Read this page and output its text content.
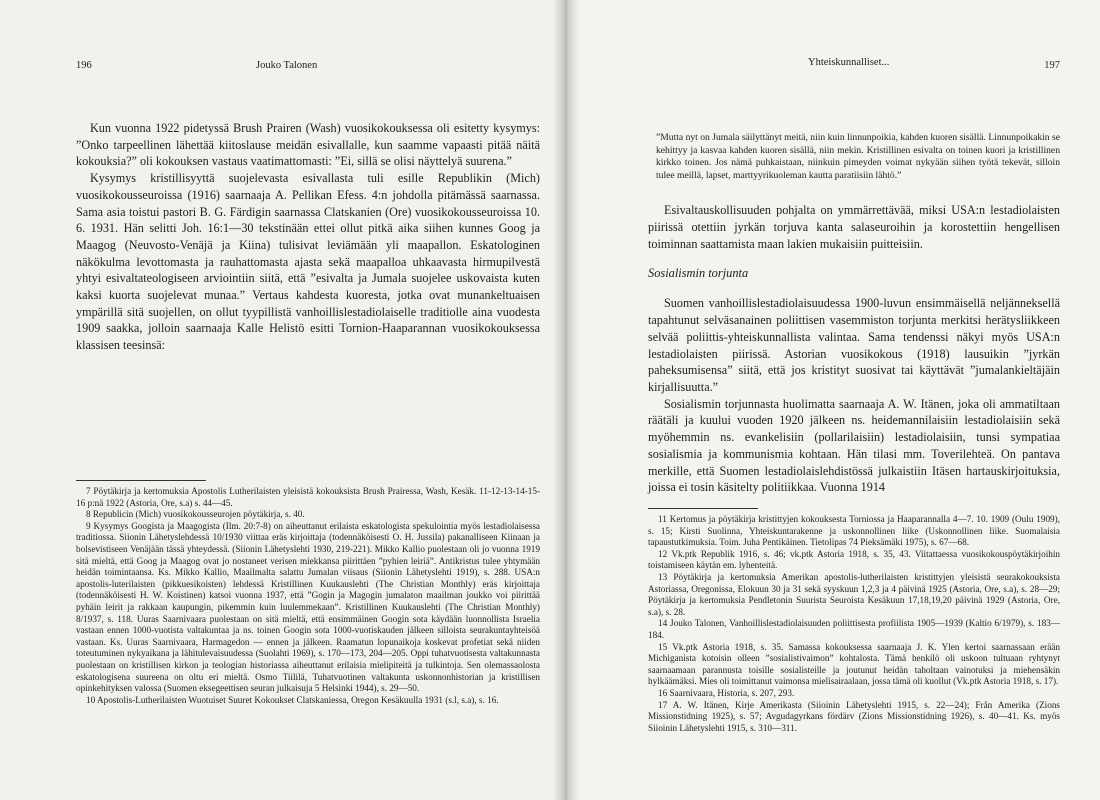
196	Jouko Talonen

Kun vuonna 1922 pidetyssä Brush Prairen (Wash) vuosikokouksessa oli esitetty kysymys: ”Onko tarpeellinen lähettää kiitoslause meidän esivallalle, kun saamme vapaasti pitää näitä kokouksia?” oli kokouksen vastaus vaatimattomasti: ”Ei, sillä se olisi näyttelyä suurena.”

Kysymys kristillisyyttä suojelevasta esivallasta tuli esille Republikin (Mich) vuosikokousseuroissa (1916) saarnaaja A. Pellikan Efess. 4:n johdolla pitämässä saarnassa. Sama asia toistui pastori B. G. Färdigin saarnassa Clatskanien (Ore) vuosikokousseuroissa 10. 6. 1931. Hän selitti Joh. 16:1—30 tekstinään ettei ollut pitkä aika siihen kunnes Goog ja Maagog (Neuvosto-Venäjä ja Kiina) tulisivat leviämään yli maapallon. Eskatologinen näkökulma levottomasta ja rauhattomasta ajasta sekä maapalloa uhkaavasta hirmupilvestä yhtyi esivaltateologiseen arviointiin siitä, että ”esivalta ja Jumala suojelee uskovaista kuten kaksi kuorta suojelevat munaa.” Vertaus kahdesta kuoresta, jotka ovat munankeltuaisen ympärillä sitä suojellen, on ollut tyypillistä vanhoillislestadiolaiselle traditiolle aina vuodesta 1909 saakka, jolloin saarnaaja Kalle Helistö esitti Tornion-Haaparannan vuosikokouksessa klassisen teesinsä:

7 Pöytäkirja ja kertomuksia Apostolis Lutherilaisten yleisistä kokouksista Brush Prairessa, Wash, Kesäk. 11-12-13-14-15-16 p:nä 1922 (Astoria, Ore, s.a) s. 44—45.

8 Republicin (Mich) vuosikokousseurojen pöytäkirja, s. 40.

9 Kysymys Googista ja Maagogista (Ilm. 20:7-8) on aiheuttanut erilaista eskatologista spekulointia myös lestadiolaisessa traditiossa. Siionin Lähetyslehdessä 10/1930 viittaa eräs kirjoittaja (todennäköisesti O. H. Jussila) pakanalliseen Kiinaan ja bolsevistiseen Venäjään tässä yhteydessä. (Siionin Lähetyslehti 1930, 219-221). Mikko Kallio puolestaan oli jo vuonna 1919 sitä mieltä, että Goog ja Maagog ovat jo nostaneet verisen miekkansa piirittäen ”pyhien leiriä”. Antikristus tulee yhtymään heidän toimintaansa. Ks. Mikko Kallio, Maailmalta salattu Jumalan viisaus (Siionin Lähetyslehti 1919), s. 288. USA:n apostolis-luterilaisten (pikkuesikoisten) lehdessä Kristillinen Kuukauslehti (The Christian Monthly) eräs kirjoittaja (todennäköisesti H. W. Koistinen) katsoi vuonna 1937, että ”Gogin ja Magogin jumalaton maailman joukko voi piirittää pyhäin leirit ja rakkaan kaupungin, pikemmin kuin luulemmekaan”. Kristillinen Kuukauslehti (The Christian Monthly) 8/1937, s. 118. Uuras Saarnivaara puolestaan on sitä mieltä, että ensimmäinen Googin sota käydään luonnollista Israelia vastaan ennen 1000-vuotista valtakuntaa ja ns. toinen Googin sota 1000-vuotiskauden jälkeen silloista seurakuntayhteisöä vastaan. Ks. Uuras Saarnivaara, Harmagedon — ennen ja jälkeen. Raamatun lopunaikoja koskevat profetiat sekä niiden toteutuminen nykyaikana ja lähitulevaisuudessa (Suolahti 1969), s. 170—173, 204—205. Oppi tuhatvuotisesta valtakunnasta puolestaan on kristillisen kirkon ja teologian historiassa aiheuttanut erilaisia mielipiteitä ja tulkintoja. Sen olemassaolosta eskatologisena suureena on oltu eri mieltä. Osmo Tiililä, Tuhatvuotinen valtakunta uskonnonhistorian ja kristillisen opinkehityksen valossa (Suomen eksegeettisen seuran julkaisuja 5 Helsinki 1944), s. 29—50.

10 Apostolis-Lutherilaisten Wuotuiset Suuret Kokoukset Clatskaniessa, Oregon Kesäkuulla 1931 (s.l, s.a), s. 16.

Yhteiskunnalliset...	197

”Mutta nyt on Jumala säilyttänyt meitä, niin kuin linnunpoikia, kahden kuoren sisällä. Linnunpoikakin se kehittyy ja kasvaa kahden kuoren sisällä, niin mekin. Kristillinen esivalta on toinen kuori ja kristillinen kirkko toinen. Jos nämä puhkaistaan, niinkuin pimeyden voimat nykyään siihen työtä tekevät, silloin tulee meillä, lapset, marttyyrikuoleman kautta paratiisiin lähtö.”

Esivaltauskollisuuden pohjalta on ymmärrettävää, miksi USA:n lestadiolaisten piirissä otettiin jyrkän torjuva kanta salaseuroihin ja korostettiin hengellisen toiminnan saattamista maan lakien mukaisiin puitteisiin.

Sosialismin torjunta

Suomen vanhoillislestadiolaisuudessa 1900-luvun ensimmäisellä neljänneksellä tapahtunut selväsanainen poliittisen vasemmiston torjunta merkitsi herätysliikkeen selvää poliittis-yhteiskunnallista valintaa. Sama tendenssi näkyi myös USA:n lestadiolaisten piirissä. Astorian vuosikokous (1918) lausuikin ”jyrkän paheksumisensa” siitä, että jos kristityt suosivat tai käyttävät ”jumalankieltäjäin kirjallisuutta.”

Sosialismin torjunnasta huolimatta saarnaaja A. W. Itänen, joka oli ammatiltaan räätäli ja kuului vuoden 1920 jälkeen ns. heidemannilaisiin lestadiolaisiin sekä myöhemmin ns. evankelisiin (pollarilaisiin) lestadiolaisiin, tunsi sympatiaa sosialismia ja kommunismia kohtaan. Hän tilasi mm. Toverilehteä. On pantava merkille, että Suomen lestadiolaislehdistössä julkaistiin Itäsen hartauskirjoituksia, joissa ei tosin käsitelty politiikkaa. Vuonna 1914

11 Kertomus ja pöytäkirja kristittyjen kokouksesta Torniossa ja Haaparannalla 4—7. 10. 1909 (Oulu 1909), s. 15; Kirsti Suolinna, Yhteiskuntarakenne ja uskonnollinen liike (Uskonnollinen liike. Suomalaisia tapaustutkimuksia. Toim. Juha Pentikäinen. Tietolipas 74 Pieksämäki 1975), s. 67—68.

12 Vk.ptk Republik 1916, s. 46; vk.ptk Astoria 1918, s. 35, 43. Viitattaessa vuosikokouspöytäkirjoihin toistamiseen käytän em. lyhenteitä.

13 Pöytäkirja ja kertomuksia Amerikan apostolis-lutherilaisten kristittyjen yleisistä seurakokouksista Astoriassa, Oregonissa, Elokuun 30 ja 31 sekä syyskuun 1,2,3 ja 4 päivinä 1925 (Astoria, Ore, s.a), s. 28—29; Pöytäkirja ja kertomuksia Pendletonin Suurista Seuroista Kesäkuun 17,18,19,20 päivinä 1929 (Astoria, Ore, s.a), s. 28.

14 Jouko Talonen, Vanhoillislestadiolaisuuden poliittisesta profiilista 1905—1939 (Kaltio 6/1979), s. 183—184.

15 Vk.ptk Astoria 1918, s. 35. Samassa kokouksessa saarnaaja J. K. Ylen kertoi saarnassaan erään Michiganista kotoisin olleen ”sosialistivaimon” kohtalosta. Tämä henkilö oli uskoon tultuaan ryhtynyt saarnaamaan parannusta toisille sosialisteille ja joutunut heidän taholtaan vainotuksi ja miehensäkin hylkäämäksi. Mies oli toimittanut vaimonsa mielisairaalaan, jossa tämä oli kuollut (Vk.ptk Astoria 1918, s. 17).

16 Saarnivaara, Historia, s. 207, 293.

17 A. W. Itänen, Kirje Amerikasta (Siioinin Lähetyslehti 1915, s. 22—24); Från Amerika (Zions Missionstidning 1925), s. 57; Avgudagyrkans fördärv (Zions Missionstidning 1926), s. 40—41. Ks. myös Siioinin Lähetyslehti 1915, s. 310—311.
